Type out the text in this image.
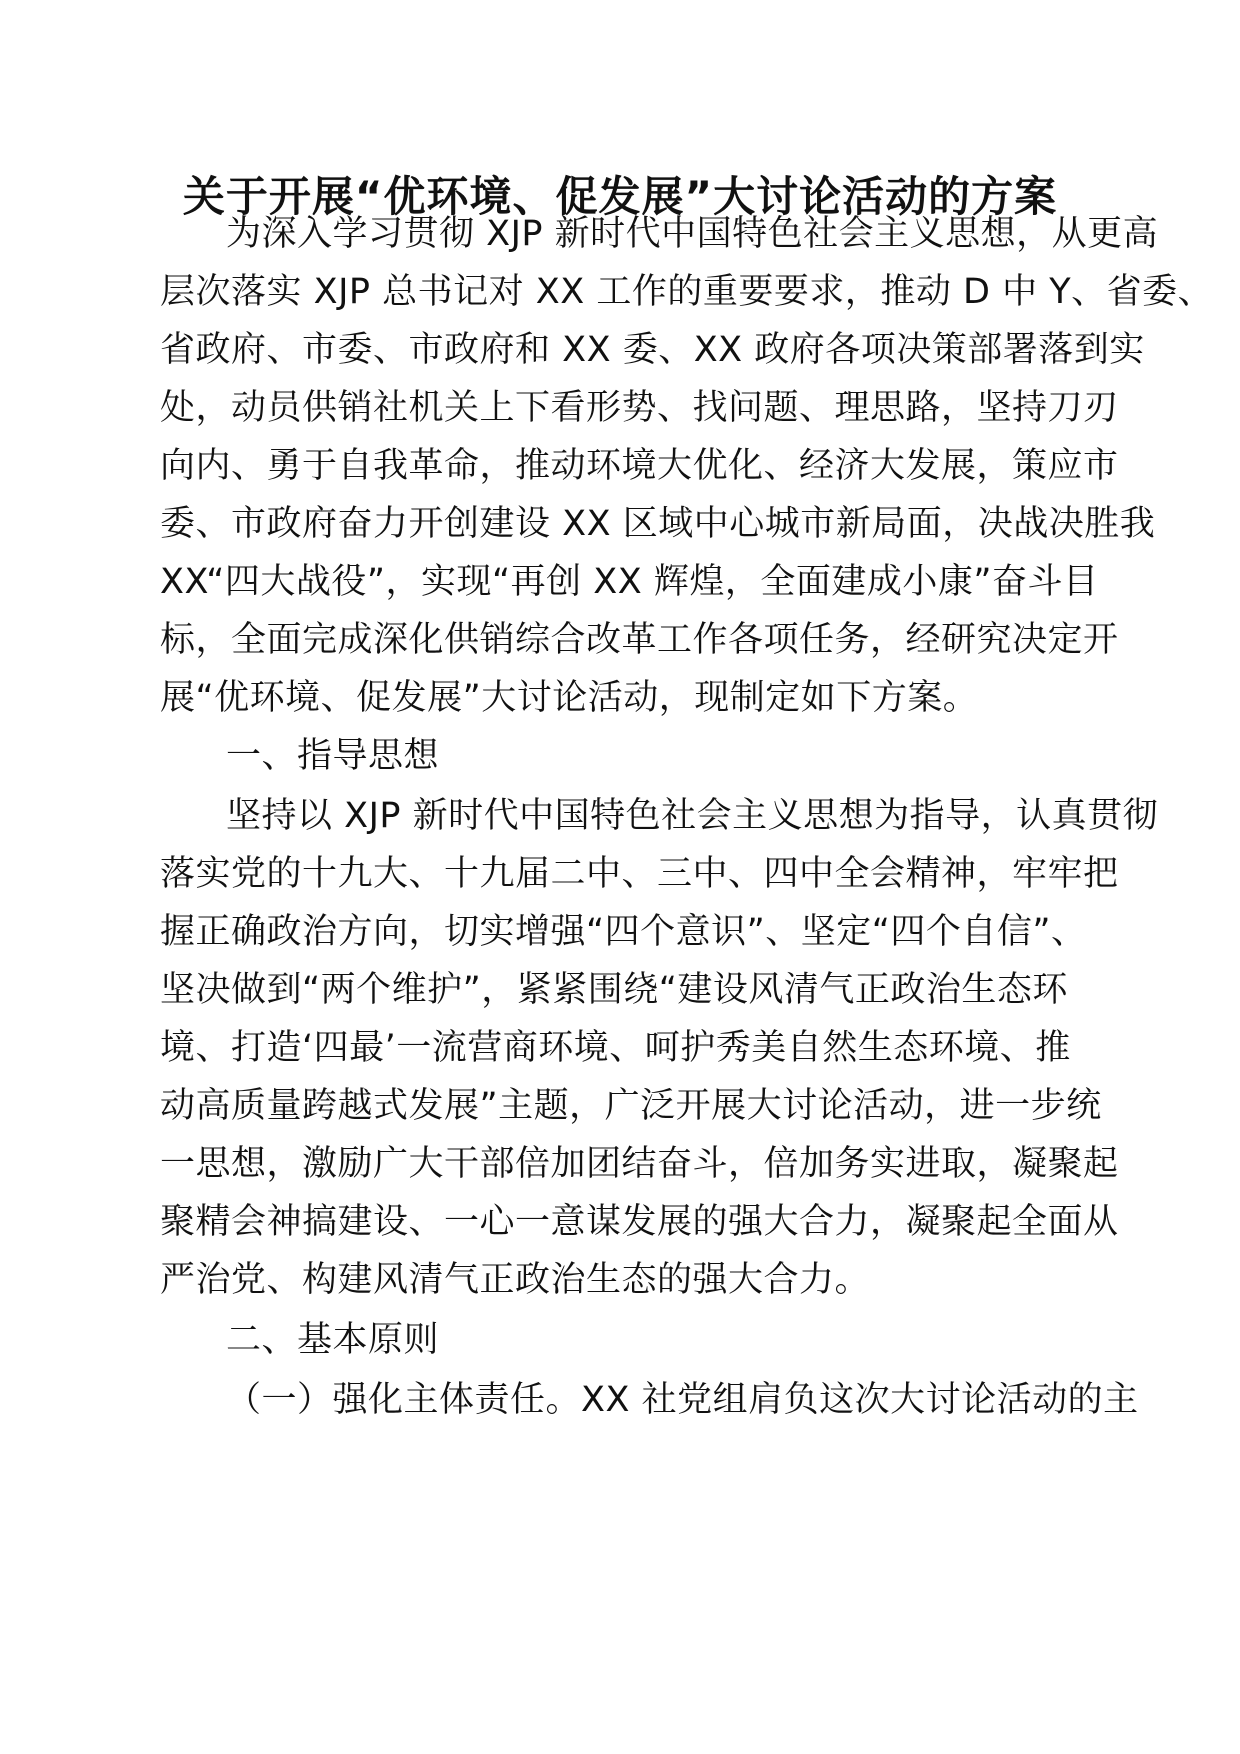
关于开展“优环境、促发展”大讨论活动的方案
为深入学习贯彻 XJP 新时代中国特色社会主义思想，从更高
层次落实 XJP 总书记对 XX 工作的重要要求，推动 D 中 Y、省委、
省政府、市委、市政府和 XX 委、XX 政府各项决策部署落到实
处，动员供销社机关上下看形势、找问题、理思路，坚持刀刃
向内、勇于自我革命，推动环境大优化、经济大发展，策应市
委、市政府奋力开创建设 XX 区域中心城市新局面，决战决胜我
XX“四大战役”，实现“再创 XX 辉煌，全面建成小康”奋斗目
标，全面完成深化供销综合改革工作各项任务，经研究决定开
展“优环境、促发展”大讨论活动，现制定如下方案。
一、指导思想
坚持以 XJP 新时代中国特色社会主义思想为指导，认真贯彻
落实党的十九大、十九届二中、三中、四中全会精神，牢牢把
握正确政治方向，切实增强“四个意识”、坚定“四个自信”、
坚决做到“两个维护”，紧紧围绕“建设风清气正政治生态环
境、打造‘四最’一流营商环境、呵护秀美自然生态环境、推
动高质量跨越式发展”主题，广泛开展大讨论活动，进一步统
一思想，激励广大干部倍加团结奋斗，倍加务实进取，凝聚起
聚精会神搞建设、一心一意谋发展的强大合力，凝聚起全面从
严治党、构建风清气正政治生态的强大合力。
二、基本原则
（一）强化主体责任。XX 社党组肩负这次大讨论活动的主
